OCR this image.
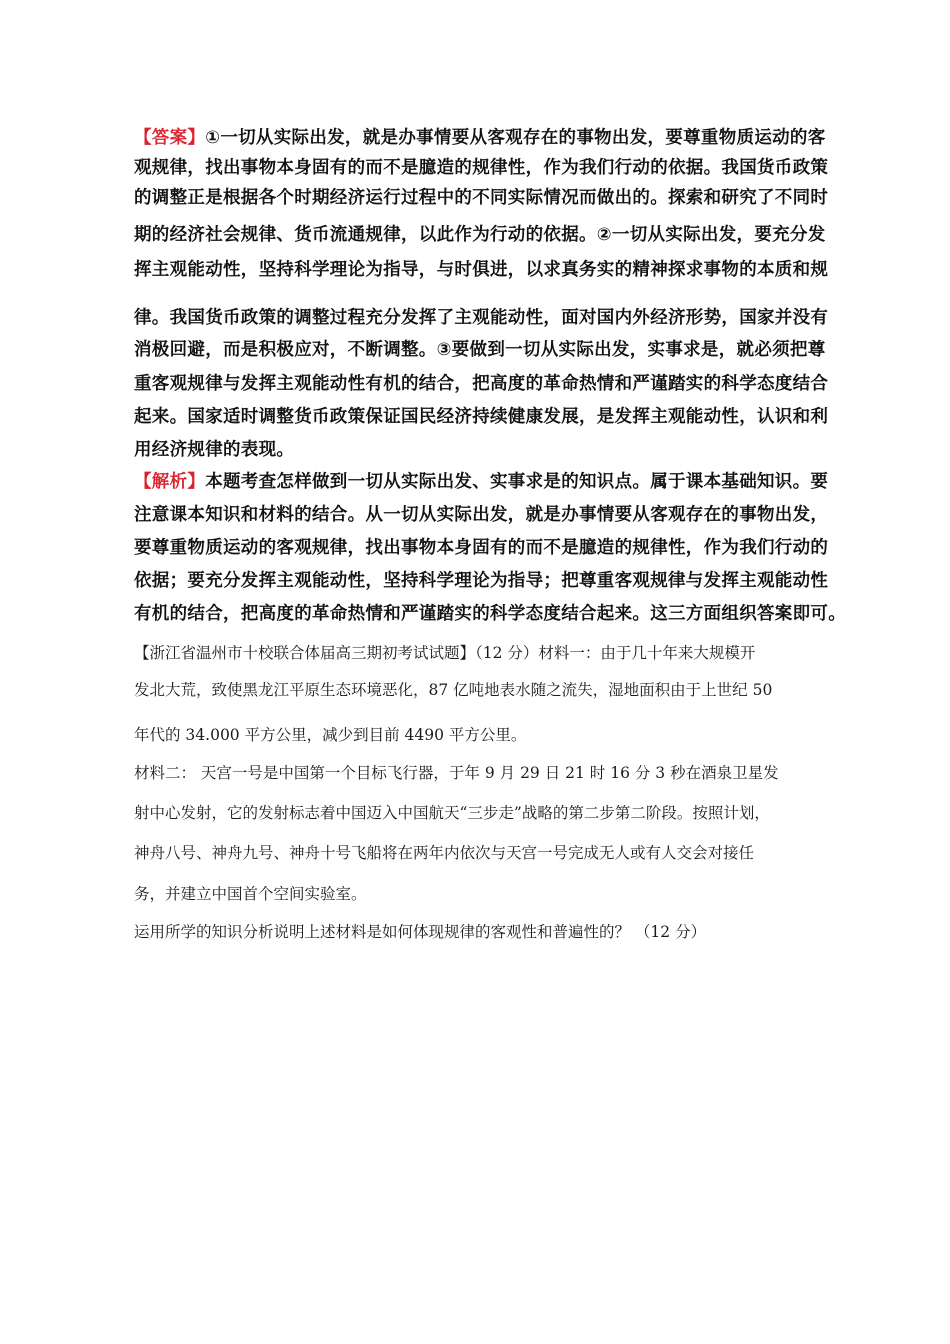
【答案】①一切从实际出发，就是办事情要从客观存在的事物出发，要尊重物质运动的客
观规律，找出事物本身固有的而不是臆造的规律性，作为我们行动的依据。我国货币政策
的调整正是根据各个时期经济运行过程中的不同实际情况而做出的。探索和研究了不同时
期的经济社会规律、货币流通规律，以此作为行动的依据。②一切从实际出发，要充分发
挥主观能动性，坚持科学理论为指导，与时俱进，以求真务实的精神探求事物的本质和规
律。我国货币政策的调整过程充分发挥了主观能动性，面对国内外经济形势，国家并没有
消极回避，而是积极应对，不断调整。③要做到一切从实际出发，实事求是，就必须把尊
重客观规律与发挥主观能动性有机的结合，把高度的革命热情和严谨踏实的科学态度结合
起来。国家适时调整货币政策保证国民经济持续健康发展，是发挥主观能动性，认识和利
用经济规律的表现。
【解析】本题考查怎样做到一切从实际出发、实事求是的知识点。属于课本基础知识。要
注意课本知识和材料的结合。从一切从实际出发，就是办事情要从客观存在的事物出发，
要尊重物质运动的客观规律，找出事物本身固有的而不是臆造的规律性，作为我们行动的
依据；要充分发挥主观能动性，坚持科学理论为指导；把尊重客观规律与发挥主观能动性
有机的结合，把高度的革命热情和严谨踏实的科学态度结合起来。这三方面组织答案即可。
【浙江省温州市十校联合体届高三期初考试试题】（12 分）材料一：由于几十年来大规模开
发北大荒，致使黑龙江平原生态环境恶化，87 亿吨地表水随之流失，湿地面积由于上世纪 50
年代的 34.000 平方公里，减少到目前 4490 平方公里。
材料二： 天宫一号是中国第一个目标飞行器，于年 9 月 29 日 21 时 16 分 3 秒在酒泉卫星发
射中心发射，它的发射标志着中国迈入中国航天“三步走”战略的第二步第二阶段。按照计划，
神舟八号、神舟九号、神舟十号飞船将在两年内依次与天宫一号完成无人或有人交会对接任
务，并建立中国首个空间实验室。
运用所学的知识分析说明上述材料是如何体现规律的客观性和普遍性的？ （12 分）
